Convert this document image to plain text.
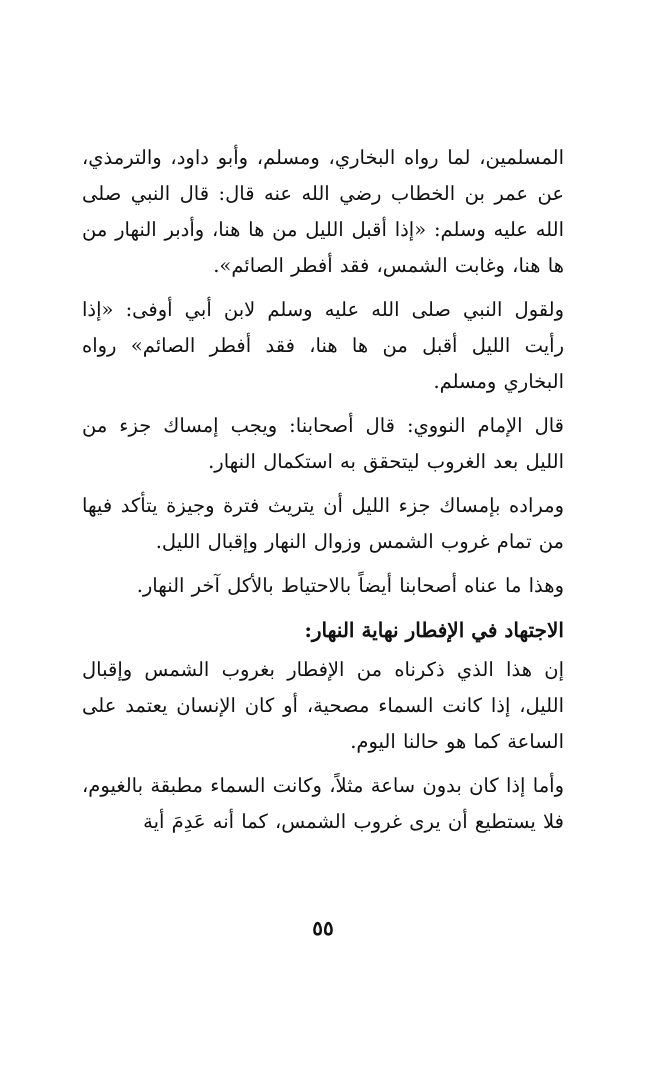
المسلمين، لما رواه البخاري، ومسلم، وأبو داود، والترمذي، عن عمر بن الخطاب رضي الله عنه قال: قال النبي صلى الله عليه وسلم: «إذا أقبل الليل من ها هنا، وأدبر النهار من ها هنا، وغابت الشمس، فقد أفطر الصائم».

ولقول النبي صلى الله عليه وسلم لابن أبي أوفى: «إذا رأيت الليل أقبل من ها هنا، فقد أفطر الصائم» رواه البخاري ومسلم.

قال الإمام النووي: قال أصحابنا: ويجب إمساك جزء من الليل بعد الغروب ليتحقق به استكمال النهار.

ومراده بإمساك جزء الليل أن يتريث فترة وجيزة يتأكد فيها من تمام غروب الشمس وزوال النهار وإقبال الليل.

وهذا ما عناه أصحابنا أيضاً بالاحتياط بالأكل آخر النهار.

الاجتهاد في الإفطار نهاية النهار:

إن هذا الذي ذكرناه من الإفطار بغروب الشمس وإقبال الليل، إذا كانت السماء مصحية، أو كان الإنسان يعتمد على الساعة كما هو حالنا اليوم.

وأما إذا كان بدون ساعة مثلاً، وكانت السماء مطبقة بالغيوم، فلا يستطيع أن يرى غروب الشمس، كما أنه عَدِمَ أية

٥٥
